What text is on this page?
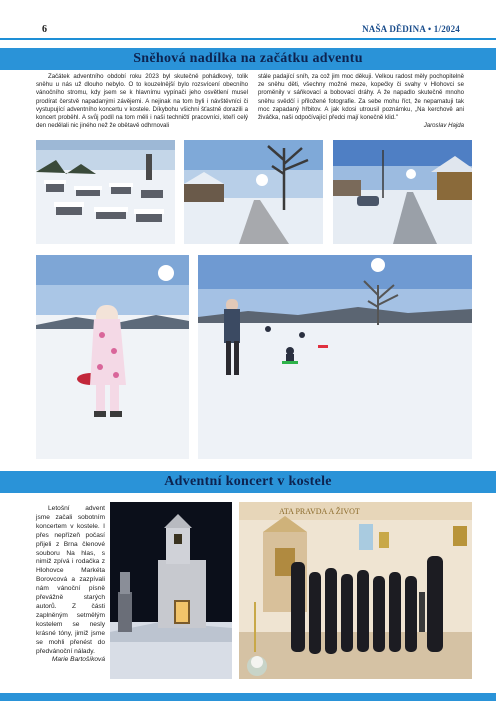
6	NAŠA DĚDINA • 1/2024
Sněhová nadílka na začátku adventu

Začátek adventního období roku 2023 byl skutečně pohádkový, tolik sněhu u nás už dlouho nebylo. O to kouzelnější bylo rozsvícení obecního vánočního stromu, kdy jsem se k hlavnímu vypínači jeho osvětlení musel prodírat čerstvě napadanými závějemi. A nejinak na tom byli i návštěvníci či vystupující adventního koncertu v kostele. Díkybohu všichni šťastně dorazili a koncert proběhl. A svůj podíl na tom měli i naši techničtí pracovníci, kteří celý den nedělali nic jiného než že obětavě odhrnovali

stále padající sníh, za což jim moc děkuji. Velkou radost měly pochopitelně ze sněhu děti, všechny možné meze, kopečky či svahy v Hlohovci se proměnily v sáňkovací a bobovací dráhy. A že napadlo skutečně mnoho sněhu svědčí i přiložené fotografie. Za sebe mohu říct, že nepamatuji tak moc zapadaný hřbitov. A jak kdosi utrousil poznámku, „Na kerchově ani živáčka, naši odpočívající předci mají konečně klid."

Jaroslav Hajda
Adventní koncert v kostele

Letošní advent jsme začali sobotním koncertem v kostele. I přes nepřízeň počasí přijeli z Brna členové souboru Na hlas, s nimiž zpívá i rodačka z Hlohovce Markéta Borovcová a zazpívali nám vánoční písně převážně starých autorů. Z části zaplněným setmělým kostelem se nesly krásné tóny, jimiž jsme se mohli přenést do předvánoční nálady.

Marie Bartošíková
ATA PRAVDA A ŽIVOT
